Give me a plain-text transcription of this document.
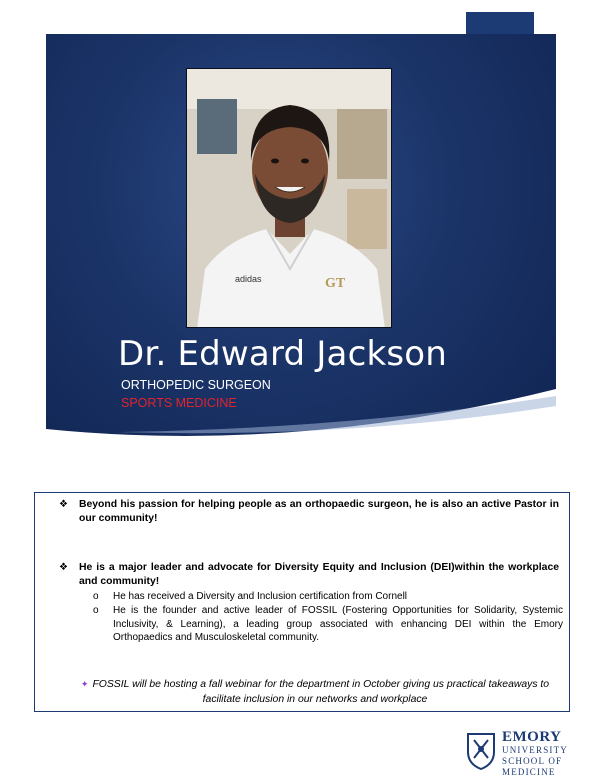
adidas	GT
Dr. Edward Jackson
ORTHOPEDIC SURGEON
SPORTS MEDICINE
❖ Beyond his passion for helping people as an orthopaedic surgeon, he is also an active Pastor in our community!
❖ He is a major leader and advocate for Diversity Equity and Inclusion (DEI)within the workplace and community!
o He has received a Diversity and Inclusion certification from Cornell
o He is the founder and active leader of FOSSIL (Fostering Opportunities for Solidarity, Systemic Inclusivity, & Learning), a leading group associated with enhancing DEI within the Emory Orthopaedics and Musculoskeletal community.
✦ FOSSIL will be hosting a fall webinar for the department in October giving us practical takeaways to facilitate inclusion in our networks and workplace
EMORY
UNIVERSITY
SCHOOL OF
MEDICINE
